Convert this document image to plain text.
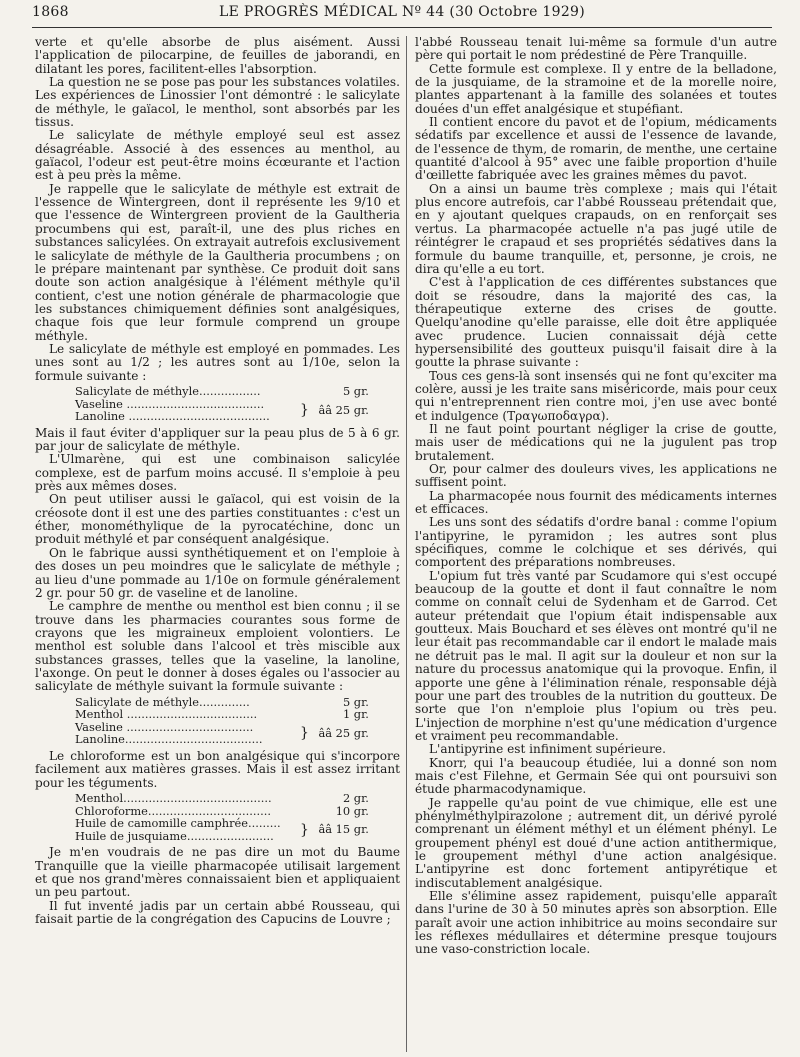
1868	LE PROGRÈS MÉDICAL Nº 44 (30 Octobre 1929)

verte et qu'elle absorbe de plus aisément. Aussi l'application de pilocarpine, de feuilles de jaborandi, en dilatant les pores, facilitent-elles l'absorption.

La question ne se pose pas pour les substances volatiles. Les expériences de Linossier l'ont démontré : le salicylate de méthyle, le gaïacol, le menthol, sont absorbés par les tissus.

Le salicylate de méthyle employé seul est assez désagréable. Associé à des essences au menthol, au gaïacol, l'odeur est peut-être moins écœurante et l'action est à peu près la même.

Je rappelle que le salicylate de méthyle est extrait de l'essence de Wintergreen, dont il représente les 9/10 et que l'essence de Wintergreen provient de la Gaultheria procumbens qui est, paraît-il, une des plus riches en substances salicylées. On extrayait autrefois exclusivement le salicylate de méthyle de la Gaultheria procumbens ; on le prépare maintenant par synthèse. Ce produit doit sans doute son action analgésique à l'élément méthyle qu'il contient, c'est une notion générale de pharmacologie que les substances chimiquement définies sont analgésiques, chaque fois que leur formule comprend un groupe méthyle.

Le salicylate de méthyle est employé en pommades. Les unes sont au 1/2 ; les autres sont au 1/10e, selon la formule suivante :

Salicylate de méthyle.................		5 gr.
Vaseline ......................................	}	ââ 25 gr.
Lanoline .......................................		

Mais il faut éviter d'appliquer sur la peau plus de 5 à 6 gr. par jour de salicylate de méthyle.

L'Ulmarène, qui est une combinaison salicylée complexe, est de parfum moins accusé. Il s'emploie à peu près aux mêmes doses.

On peut utiliser aussi le gaïacol, qui est voisin de la créosote dont il est une des parties constituantes : c'est un éther, monométhylique de la pyrocatéchine, donc un produit méthylé et par conséquent analgésique.

On le fabrique aussi synthétiquement et on l'emploie à des doses un peu moindres que le salicylate de méthyle ; au lieu d'une pommade au 1/10e on formule généralement 2 gr. pour 50 gr. de vaseline et de lanoline.

Le camphre de menthe ou menthol est bien connu ; il se trouve dans les pharmacies courantes sous forme de crayons que les migraineux emploient volontiers. Le menthol est soluble dans l'alcool et très miscible aux substances grasses, telles que la vaseline, la lanoline, l'axonge. On peut le donner à doses égales ou l'associer au salicylate de méthyle suivant la formule suivante :

Salicylate de méthyle..............		5 gr.
Menthol ....................................		1 gr.
Vaseline ...................................	}	ââ 25 gr.
Lanoline......................................		

Le chloroforme est un bon analgésique qui s'incorpore facilement aux matières grasses. Mais il est assez irritant pour les téguments.

Menthol.........................................		2 gr.
Chloroforme..................................		10 gr.
Huile de camomille camphrée.........	}	ââ 15 gr.
Huile de jusquiame........................		

Je m'en voudrais de ne pas dire un mot du Baume Tranquille que la vieille pharmacopée utilisait largement et que nos grand'mères connaissaient bien et appliquaient un peu partout.

Il fut inventé jadis par un certain abbé Rousseau, qui faisait partie de la congrégation des Capucins de Louvre ;

l'abbé Rousseau tenait lui-même sa formule d'un autre père qui portait le nom prédestiné de Père Tranquille.

Cette formule est complexe. Il y entre de la belladone, de la jusquiame, de la stramoine et de la morelle noire, plantes appartenant à la famille des solanées et toutes douées d'un effet analgésique et stupéfiant.

Il contient encore du pavot et de l'opium, médicaments sédatifs par excellence et aussi de l'essence de lavande, de l'essence de thym, de romarin, de menthe, une certaine quantité d'alcool à 95° avec une faible proportion d'huile d'œillette fabriquée avec les graines mêmes du pavot.

On a ainsi un baume très complexe ; mais qui l'était plus encore autrefois, car l'abbé Rousseau prétendait que, en y ajoutant quelques crapauds, on en renforçait ses vertus. La pharmacopée actuelle n'a pas jugé utile de réintégrer le crapaud et ses propriétés sédatives dans la formule du baume tranquille, et, personne, je crois, ne dira qu'elle a eu tort.

C'est à l'application de ces différentes substances que doit se résoudre, dans la majorité des cas, la thérapeutique externe des crises de goutte. Quelqu'anodine qu'elle paraisse, elle doit être appliquée avec prudence. Lucien connaissait déjà cette hypersensibilité des goutteux puisqu'il faisait dire à la goutte la phrase suivante :

Tous ces gens-là sont insensés qui ne font qu'exciter ma colère, aussi je les traite sans miséricorde, mais pour ceux qui n'entreprennent rien contre moi, j'en use avec bonté et indulgence (Τραγωποδαγρα).

Il ne faut point pourtant négliger la crise de goutte, mais user de médications qui ne la jugulent pas trop brutalement.

Or, pour calmer des douleurs vives, les applications ne suffisent point.

La pharmacopée nous fournit des médicaments internes et efficaces.

Les uns sont des sédatifs d'ordre banal : comme l'opium l'antipyrine, le pyramidon ; les autres sont plus spécifiques, comme le colchique et ses dérivés, qui comportent des préparations nombreuses.

L'opium fut très vanté par Scudamore qui s'est occupé beaucoup de la goutte et dont il faut connaître le nom comme on connaît celui de Sydenham et de Garrod. Cet auteur prétendait que l'opium était indispensable aux goutteux. Mais Bouchard et ses élèves ont montré qu'il ne leur était pas recommandable car il endort le malade mais ne détruit pas le mal. Il agit sur la douleur et non sur la nature du processus anatomique qui la provoque. Enfin, il apporte une gêne à l'élimination rénale, responsable déjà pour une part des troubles de la nutrition du goutteux. De sorte que l'on n'emploie plus l'opium ou très peu. L'injection de morphine n'est qu'une médication d'urgence et vraiment peu recommandable.

L'antipyrine est infiniment supérieure.

Knorr, qui l'a beaucoup étudiée, lui a donné son nom mais c'est Filehne, et Germain Sée qui ont poursuivi son étude pharmacodynamique.

Je rappelle qu'au point de vue chimique, elle est une phénylméthylpirazolone ; autrement dit, un dérivé pyrolé comprenant un élément méthyl et un élément phényl. Le groupement phényl est doué d'une action antithermique, le groupement méthyl d'une action analgésique. L'antipyrine est donc fortement antipyrétique et indiscutablement analgésique.

Elle s'élimine assez rapidement, puisqu'elle apparaît dans l'urine de 30 à 50 minutes après son absorption. Elle paraît avoir une action inhibitrice au moins secondaire sur les réflexes médullaires et détermine presque toujours une vaso-constriction locale.
